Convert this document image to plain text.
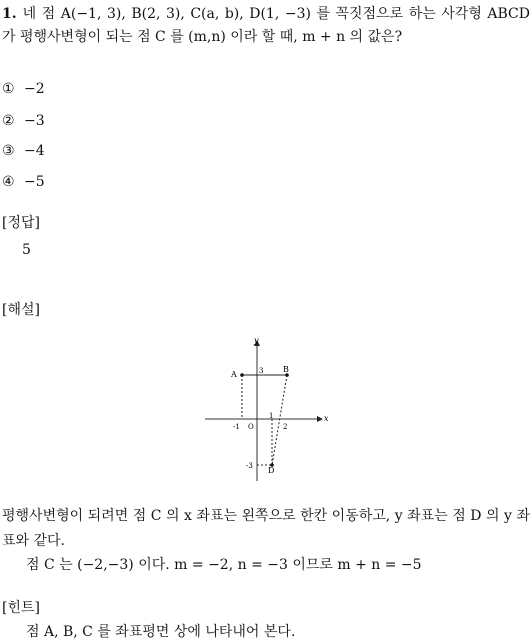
1. 네 점 A(−1, 3), B(2, 3), C(a, b), D(1, −3) 를 꼭짓점으로 하는 사각형 ABCD 가 평행사변형이 되는 점 C 를 (m,n) 이라 할 때, m + n 의 값은?
① −2
② −3
③ −4
④ −5
[정답]
5
[해설]
x
y
A
B
D
3
-1 O
1
2
-3
평행사변형이 되려면 점 C 의 x 좌표는 왼쪽으로 한칸 이동하고, y 좌표는 점 D 의 y 좌표와 같다.
점 C 는 (−2,−3) 이다. m = −2, n = −3 이므로 m + n = −5
[힌트]
점 A, B, C 를 좌표평면 상에 나타내어 본다.
